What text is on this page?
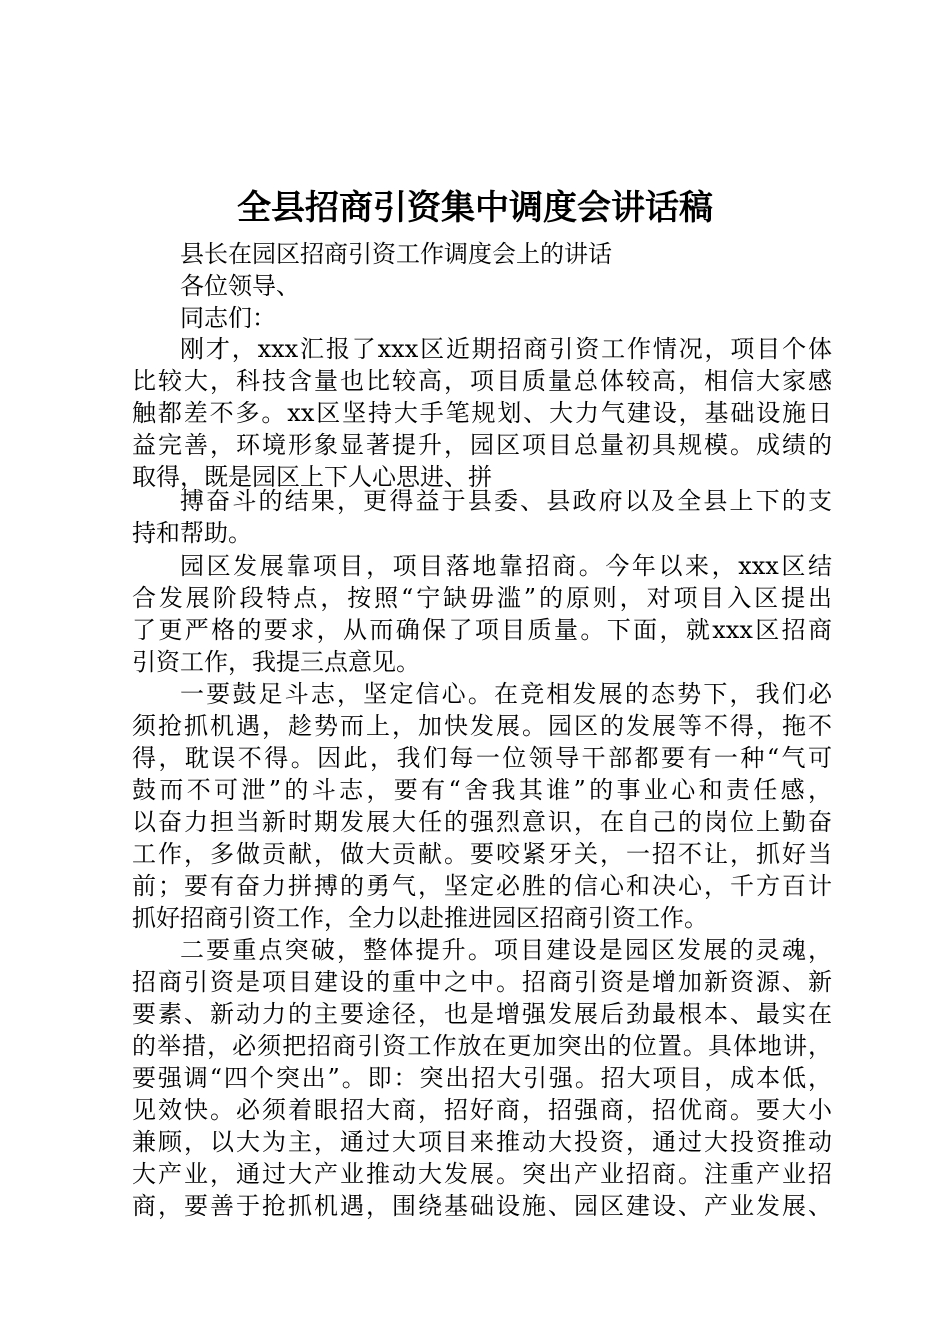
全县招商引资集中调度会讲话稿

县长在园区招商引资工作调度会上的讲话

各位领导、

同志们：

刚才，xxx汇报了xxx区近期招商引资工作情况，项目个体

比较大，科技含量也比较高，项目质量总体较高，相信大家感

触都差不多。xx区坚持大手笔规划、大力气建设，基础设施日

益完善，环境形象显著提升，园区项目总量初具规模。成绩的

取得，既是园区上下人心思进、拼

搏奋斗的结果，更得益于县委、县政府以及全县上下的支

持和帮助。

园区发展靠项目，项目落地靠招商。今年以来，xxx区结

合发展阶段特点，按照“宁缺毋滥”的原则，对项目入区提出

了更严格的要求，从而确保了项目质量。下面，就xxx区招商

引资工作，我提三点意见。

一要鼓足斗志，坚定信心。在竞相发展的态势下，我们必

须抢抓机遇，趁势而上，加快发展。园区的发展等不得，拖不

得，耽误不得。因此，我们每一位领导干部都要有一种“气可

鼓而不可泄”的斗志，要有“舍我其谁”的事业心和责任感，

以奋力担当新时期发展大任的强烈意识，在自己的岗位上勤奋

工作，多做贡献，做大贡献。要咬紧牙关，一招不让，抓好当

前；要有奋力拼搏的勇气，坚定必胜的信心和决心，千方百计

抓好招商引资工作，全力以赴推进园区招商引资工作。

二要重点突破，整体提升。项目建设是园区发展的灵魂，

招商引资是项目建设的重中之中。招商引资是增加新资源、新

要素、新动力的主要途径，也是增强发展后劲最根本、最实在

的举措，必须把招商引资工作放在更加突出的位置。具体地讲，

要强调“四个突出”。即：突出招大引强。招大项目，成本低，

见效快。必须着眼招大商，招好商，招强商，招优商。要大小

兼顾，以大为主，通过大项目来推动大投资，通过大投资推动

大产业，通过大产业推动大发展。突出产业招商。注重产业招

商，要善于抢抓机遇，围绕基础设施、园区建设、产业发展、
